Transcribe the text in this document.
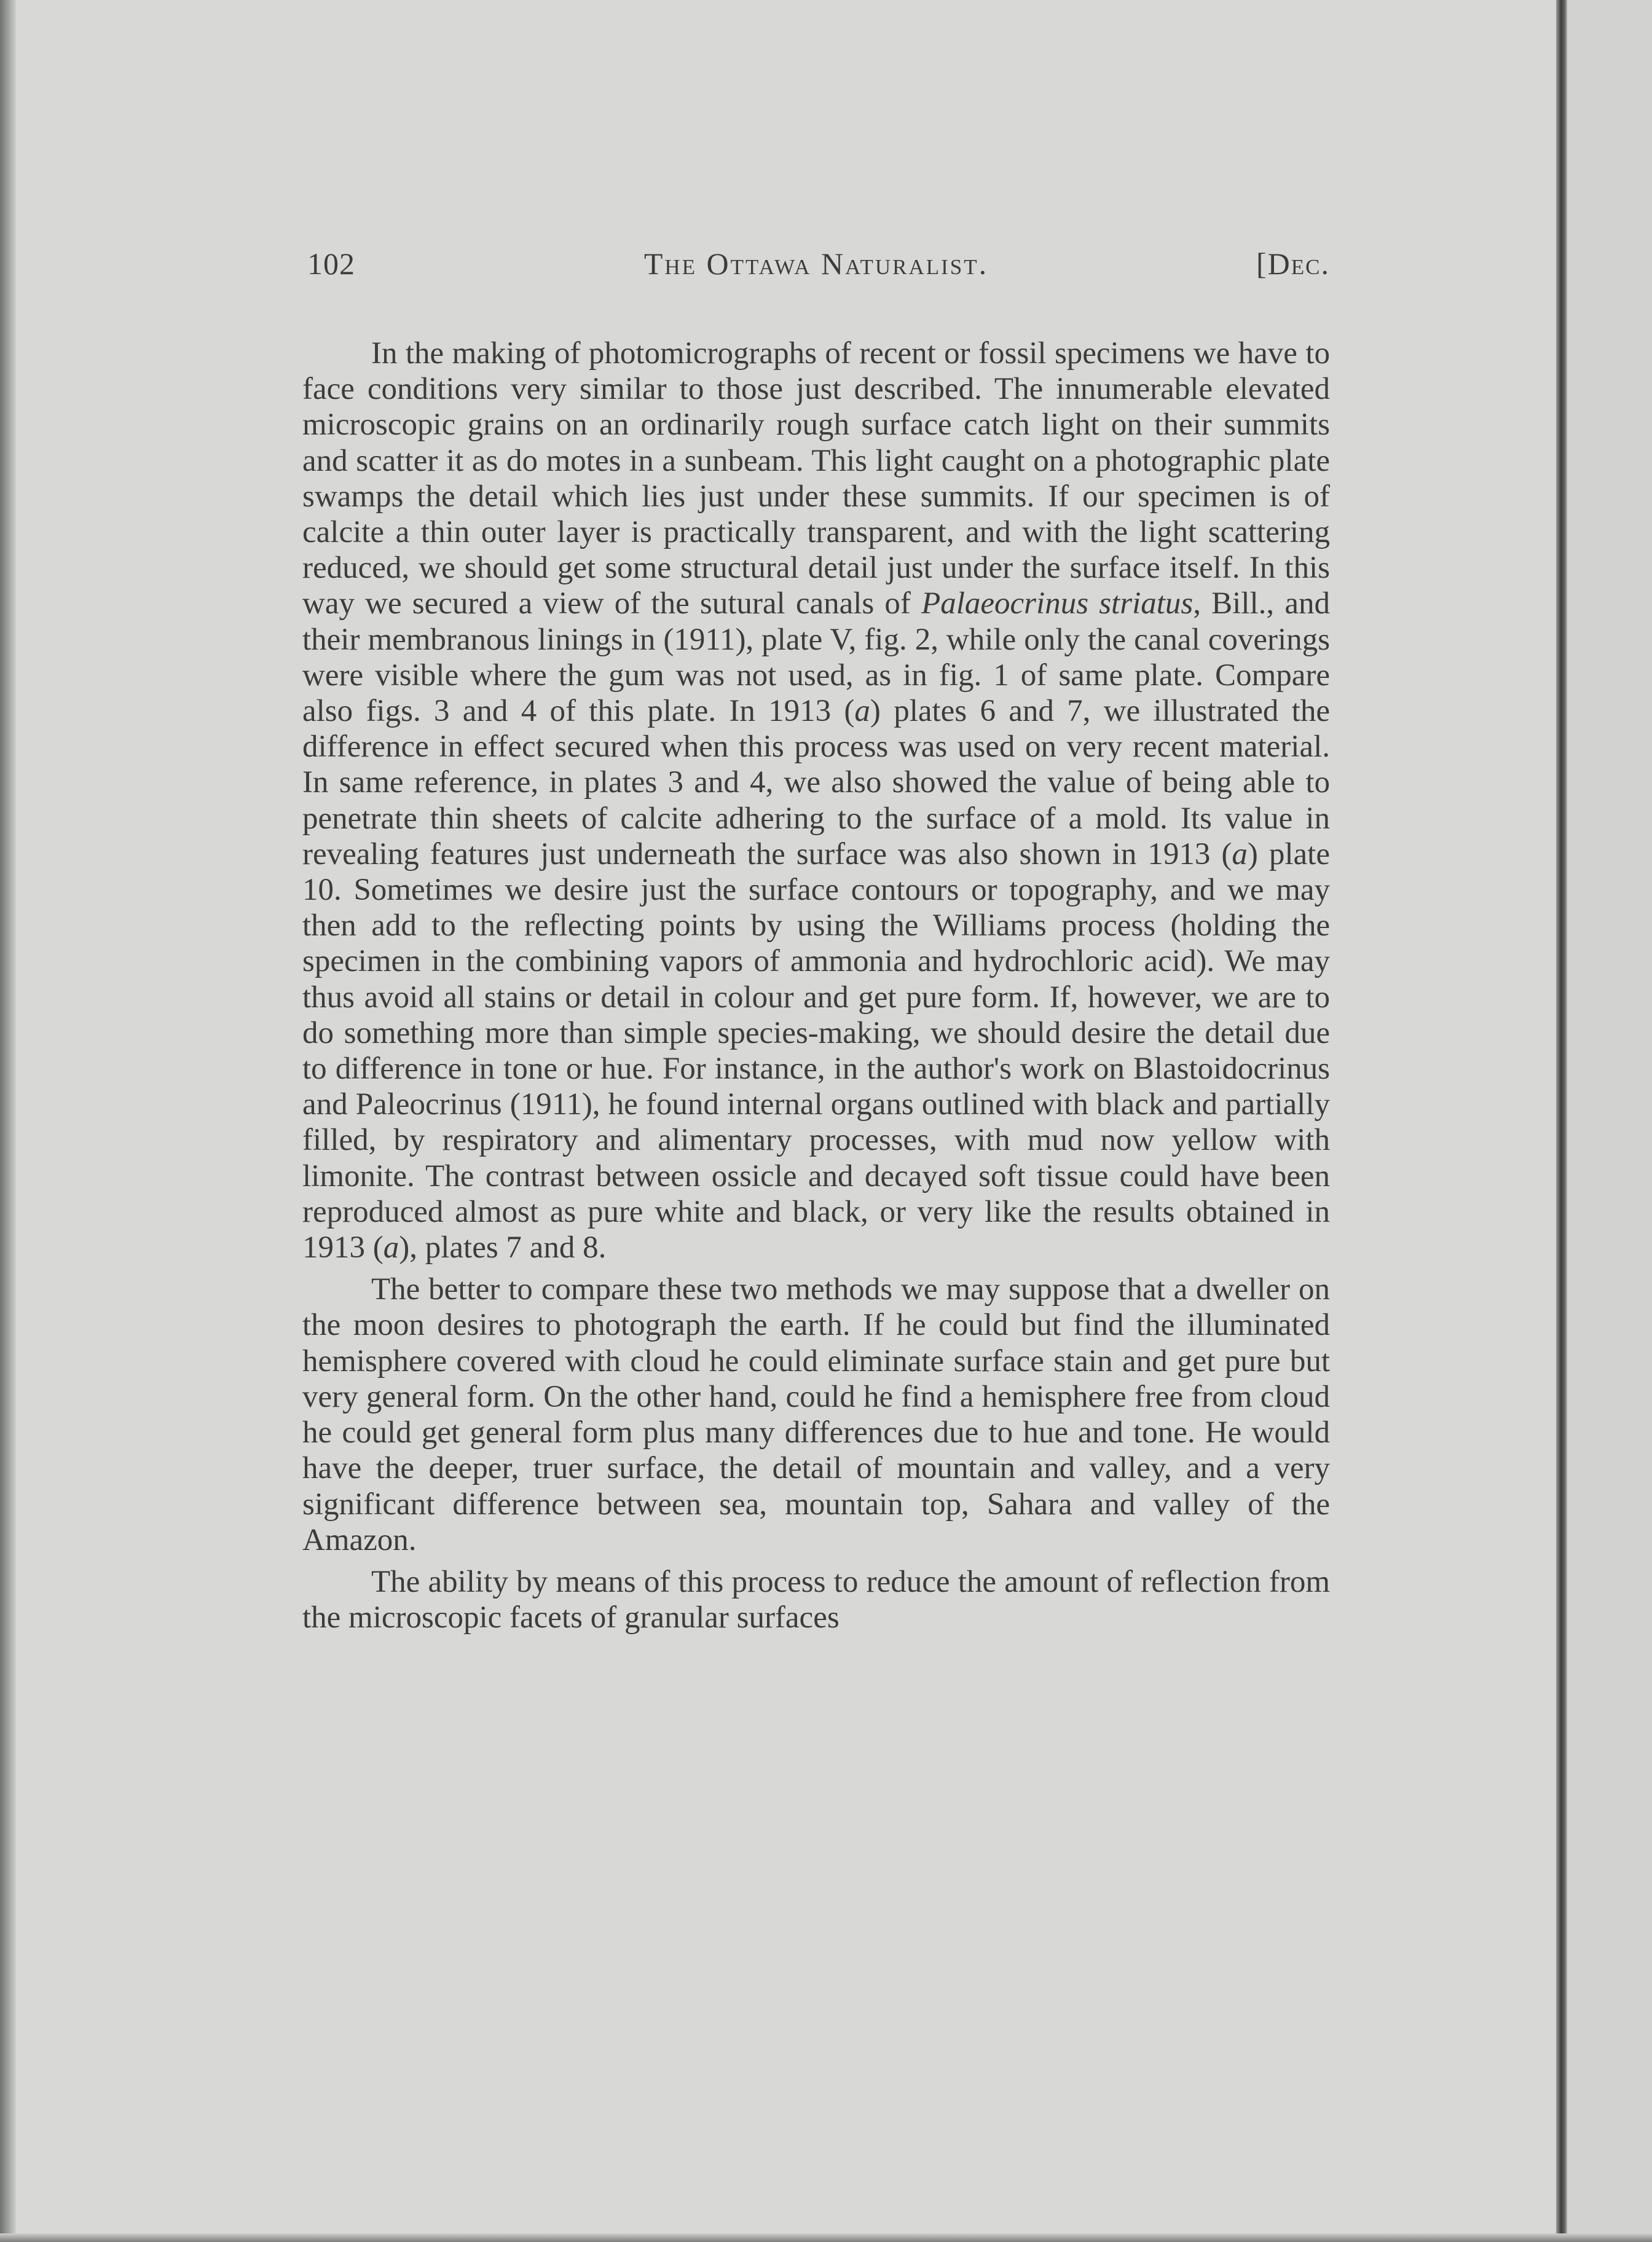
102	The Ottawa Naturalist.	[Dec.

In the making of photomicrographs of recent or fossil specimens we have to face conditions very similar to those just described. The innumerable elevated microscopic grains on an ordinarily rough surface catch light on their summits and scatter it as do motes in a sunbeam. This light caught on a photographic plate swamps the detail which lies just under these summits. If our specimen is of calcite a thin outer layer is practically transparent, and with the light scattering reduced, we should get some structural detail just under the surface itself. In this way we secured a view of the sutural canals of Palaeocrinus striatus, Bill., and their membranous linings in (1911), plate V, fig. 2, while only the canal coverings were visible where the gum was not used, as in fig. 1 of same plate. Compare also figs. 3 and 4 of this plate. In 1913 (a) plates 6 and 7, we illustrated the difference in effect secured when this process was used on very recent material. In same reference, in plates 3 and 4, we also showed the value of being able to penetrate thin sheets of calcite adhering to the surface of a mold. Its value in revealing features just underneath the surface was also shown in 1913 (a) plate 10. Sometimes we desire just the surface contours or topography, and we may then add to the reflecting points by using the Williams process (holding the specimen in the combining vapors of ammonia and hydrochloric acid). We may thus avoid all stains or detail in colour and get pure form. If, however, we are to do something more than simple species-making, we should desire the detail due to difference in tone or hue. For instance, in the author's work on Blastoidocrinus and Paleocrinus (1911), he found internal organs outlined with black and partially filled, by respiratory and alimentary processes, with mud now yellow with limonite. The contrast between ossicle and decayed soft tissue could have been reproduced almost as pure white and black, or very like the results obtained in 1913 (a), plates 7 and 8.

The better to compare these two methods we may suppose that a dweller on the moon desires to photograph the earth. If he could but find the illuminated hemisphere covered with cloud he could eliminate surface stain and get pure but very general form. On the other hand, could he find a hemisphere free from cloud he could get general form plus many differences due to hue and tone. He would have the deeper, truer surface, the detail of mountain and valley, and a very significant difference between sea, mountain top, Sahara and valley of the Amazon.

The ability by means of this process to reduce the amount of reflection from the microscopic facets of granular surfaces
